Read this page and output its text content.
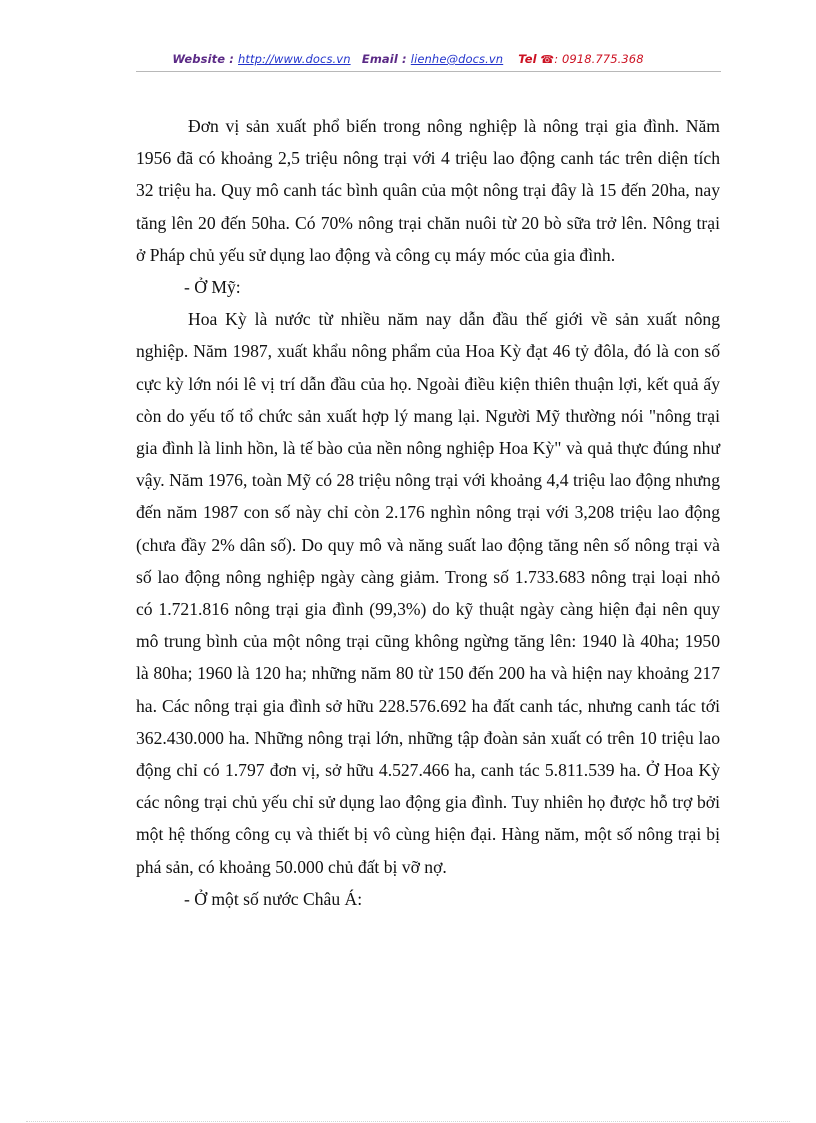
Website : http://www.docs.vn Email : lienhe@docs.vn Tel ☎: 0918.775.368

Đơn vị sản xuất phổ biến trong nông nghiệp là nông trại gia đình. Năm 1956 đã có khoảng 2,5 triệu nông trại với 4 triệu lao động canh tác trên diện tích 32 triệu ha. Quy mô canh tác bình quân của một nông trại đây là 15 đến 20ha, nay tăng lên 20 đến 50ha. Có 70% nông trại chăn nuôi từ 20 bò sữa trở lên. Nông trại ở Pháp chủ yếu sử dụng lao động và công cụ máy móc của gia đình.

- Ở Mỹ:

Hoa Kỳ là nước từ nhiều năm nay dẫn đầu thế giới về sản xuất nông nghiệp. Năm 1987, xuất khẩu nông phẩm của Hoa Kỳ đạt 46 tỷ đôla, đó là con số cực kỳ lớn nói lê vị trí dẫn đầu của họ. Ngoài điều kiện thiên thuận lợi, kết quả ấy còn do yếu tố tổ chức sản xuất hợp lý mang lại. Người Mỹ thường nói "nông trại gia đình là linh hồn, là tế bào của nền nông nghiệp Hoa Kỳ" và quả thực đúng như vậy. Năm 1976, toàn Mỹ có 28 triệu nông trại với khoảng 4,4 triệu lao động nhưng đến năm 1987 con số này chỉ còn 2.176 nghìn nông trại với 3,208 triệu lao động (chưa đầy 2% dân số). Do quy mô và năng suất lao động tăng nên số nông trại và số lao động nông nghiệp ngày càng giảm. Trong số 1.733.683 nông trại loại nhỏ có 1.721.816 nông trại gia đình (99,3%) do kỹ thuật ngày càng hiện đại nên quy mô trung bình của một nông trại cũng không ngừng tăng lên: 1940 là 40ha; 1950 là 80ha; 1960 là 120 ha; những năm 80 từ 150 đến 200 ha và hiện nay khoảng 217 ha. Các nông trại gia đình sở hữu 228.576.692 ha đất canh tác, nhưng canh tác tới 362.430.000 ha. Những nông trại lớn, những tập đoàn sản xuất có trên 10 triệu lao động chỉ có 1.797 đơn vị, sở hữu 4.527.466 ha, canh tác 5.811.539 ha. Ở Hoa Kỳ các nông trại chủ yếu chỉ sử dụng lao động gia đình. Tuy nhiên họ được hỗ trợ bởi một hệ thống công cụ và thiết bị vô cùng hiện đại. Hàng năm, một số nông trại bị phá sản, có khoảng 50.000 chủ đất bị vỡ nợ.

- Ở một số nước Châu Á:
